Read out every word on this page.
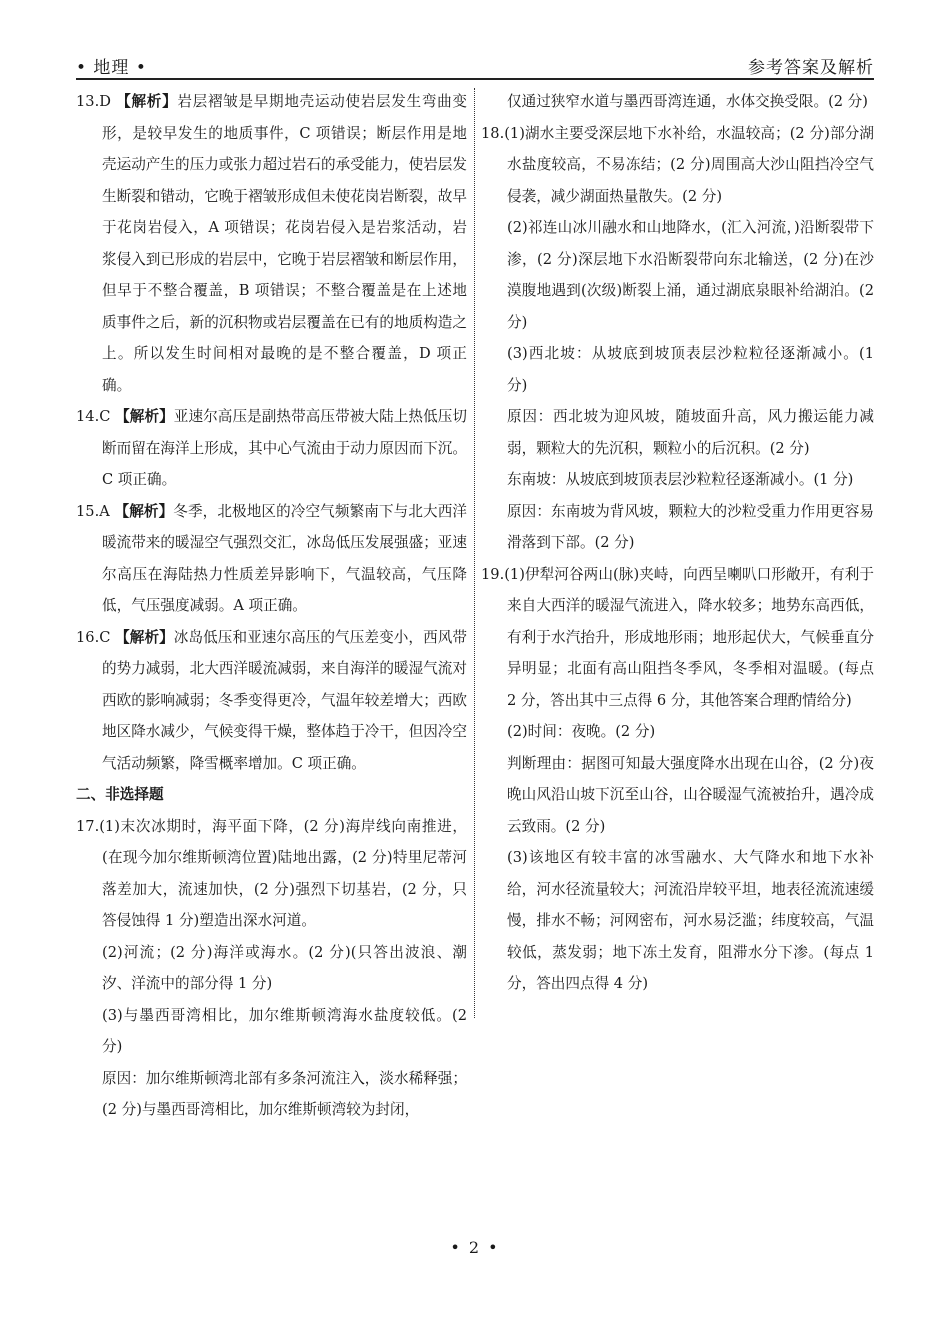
• 地理 •	参考答案及解析
13.D 【解析】岩层褶皱是早期地壳运动使岩层发生弯曲变形，是较早发生的地质事件，C 项错误；断层作用是地壳运动产生的压力或张力超过岩石的承受能力，使岩层发生断裂和错动，它晚于褶皱形成但未使花岗岩断裂，故早于花岗岩侵入，A 项错误；花岗岩侵入是岩浆活动，岩浆侵入到已形成的岩层中，它晚于岩层褶皱和断层作用，但早于不整合覆盖，B 项错误；不整合覆盖是在上述地质事件之后，新的沉积物或岩层覆盖在已有的地质构造之上。所以发生时间相对最晚的是不整合覆盖，D 项正确。
14.C 【解析】亚速尔高压是副热带高压带被大陆上热低压切断而留在海洋上形成，其中心气流由于动力原因而下沉。C 项正确。
15.A 【解析】冬季，北极地区的冷空气频繁南下与北大西洋暖流带来的暖湿空气强烈交汇，冰岛低压发展强盛；亚速尔高压在海陆热力性质差异影响下，气温较高，气压降低，气压强度减弱。A 项正确。
16.C 【解析】冰岛低压和亚速尔高压的气压差变小，西风带的势力减弱，北大西洋暖流减弱，来自海洋的暖湿气流对西欧的影响减弱；冬季变得更冷，气温年较差增大；西欧地区降水减少，气候变得干燥，整体趋于冷干，但因冷空气活动频繁，降雪概率增加。C 项正确。
二、非选择题
17.(1)末次冰期时，海平面下降，(2 分)海岸线向南推进，(在现今加尔维斯顿湾位置)陆地出露，(2 分)特里尼蒂河落差加大，流速加快，(2 分)强烈下切基岩，(2 分，只答侵蚀得 1 分)塑造出深水河道。

(2)河流；(2 分)海洋或海水。(2 分)(只答出波浪、潮汐、洋流中的部分得 1 分)

(3)与墨西哥湾相比，加尔维斯顿湾海水盐度较低。(2 分)

原因：加尔维斯顿湾北部有多条河流注入，淡水稀释强；(2 分)与墨西哥湾相比，加尔维斯顿湾较为封闭，

仅通过狭窄水道与墨西哥湾连通，水体交换受限。(2 分)

18.(1)湖水主要受深层地下水补给，水温较高；(2 分)部分湖水盐度较高，不易冻结；(2 分)周围高大沙山阻挡冷空气侵袭，减少湖面热量散失。(2 分)

(2)祁连山冰川融水和山地降水，(汇入河流，)沿断裂带下渗，(2 分)深层地下水沿断裂带向东北输送，(2 分)在沙漠腹地遇到(次级)断裂上涌，通过湖底泉眼补给湖泊。(2 分)

(3)西北坡：从坡底到坡顶表层沙粒粒径逐渐减小。(1 分)

原因：西北坡为迎风坡，随坡面升高，风力搬运能力减弱，颗粒大的先沉积，颗粒小的后沉积。(2 分)

东南坡：从坡底到坡顶表层沙粒粒径逐渐减小。(1 分)

原因：东南坡为背风坡，颗粒大的沙粒受重力作用更容易滑落到下部。(2 分)

19.(1)伊犁河谷两山(脉)夹峙，向西呈喇叭口形敞开，有利于来自大西洋的暖湿气流进入，降水较多；地势东高西低，有利于水汽抬升，形成地形雨；地形起伏大，气候垂直分异明显；北面有高山阻挡冬季风，冬季相对温暖。(每点 2 分，答出其中三点得 6 分，其他答案合理酌情给分)

(2)时间：夜晚。(2 分)

判断理由：据图可知最大强度降水出现在山谷，(2 分)夜晚山风沿山坡下沉至山谷，山谷暖湿气流被抬升，遇冷成云致雨。(2 分)

(3)该地区有较丰富的冰雪融水、大气降水和地下水补给，河水径流量较大；河流沿岸较平坦，地表径流流速缓慢，排水不畅；河网密布，河水易泛滥；纬度较高，气温较低，蒸发弱；地下冻土发育，阻滞水分下渗。(每点 1 分，答出四点得 4 分)

• 2 •
